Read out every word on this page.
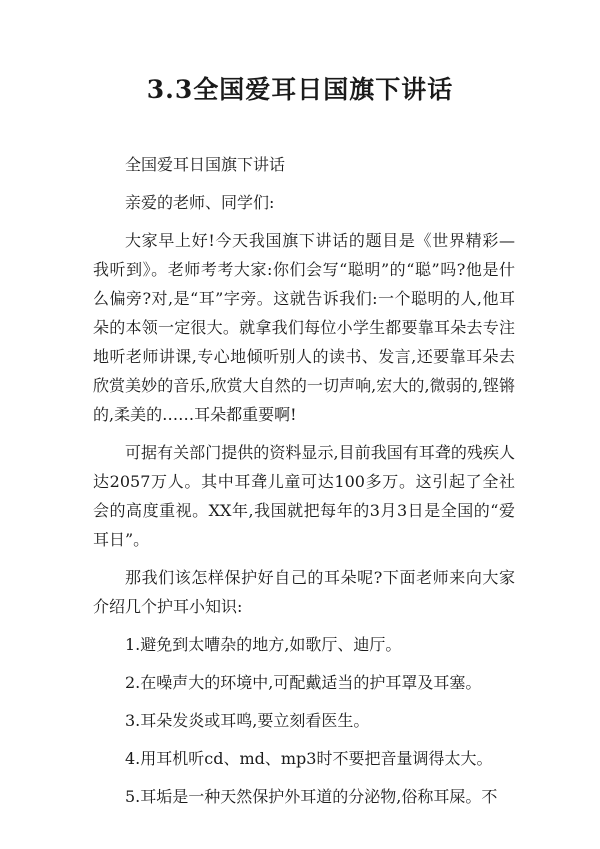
3.3全国爱耳日国旗下讲话

全国爱耳日国旗下讲话

亲爱的老师、同学们:

大家早上好!今天我国旗下讲话的题目是《世界精彩—我听到》。老师考考大家:你们会写“聪明”的“聪”吗?他是什么偏旁?对,是“耳”字旁。这就告诉我们:一个聪明的人,他耳朵的本领一定很大。就拿我们每位小学生都要靠耳朵去专注地听老师讲课,专心地倾听别人的读书、发言,还要靠耳朵去欣赏美妙的音乐,欣赏大自然的一切声响,宏大的,微弱的,铿锵的,柔美的……耳朵都重要啊!

可据有关部门提供的资料显示,目前我国有耳聋的残疾人达2057万人。其中耳聋儿童可达100多万。这引起了全社会的高度重视。XX年,我国就把每年的3月3日是全国的“爱耳日”。

那我们该怎样保护好自己的耳朵呢?下面老师来向大家介绍几个护耳小知识:

1.避免到太嘈杂的地方,如歌厅、迪厅。

2.在噪声大的环境中,可配戴适当的护耳罩及耳塞。

3.耳朵发炎或耳鸣,要立刻看医生。

4.用耳机听cd、md、mp3时不要把音量调得太大。

5.耳垢是一种天然保护外耳道的分泌物,俗称耳屎。不
